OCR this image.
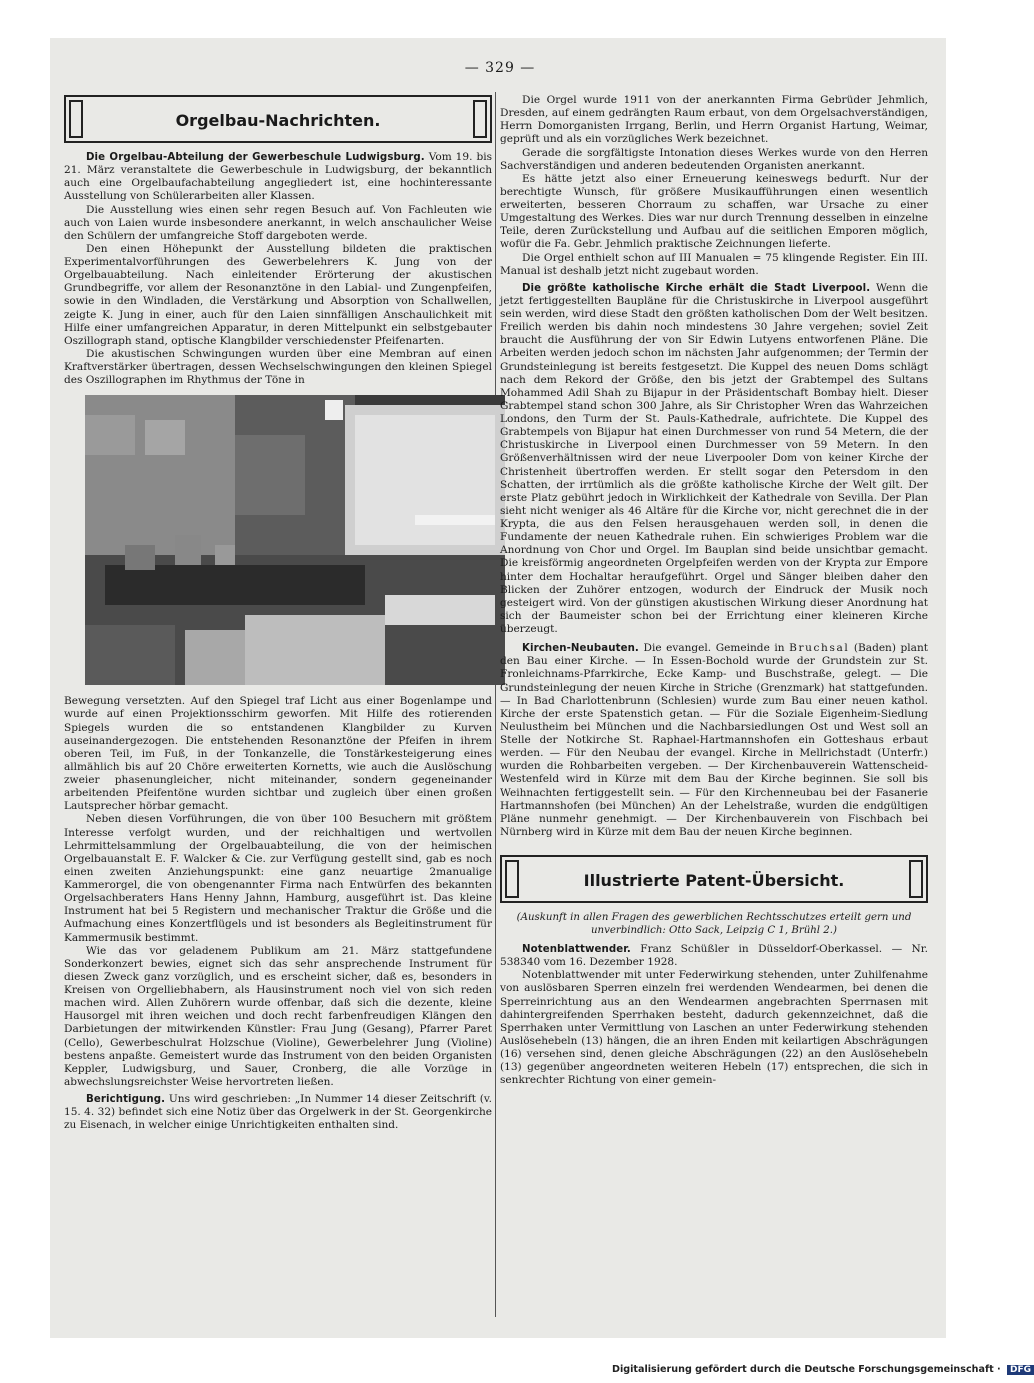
— 329 —
Orgelbau-Nachrichten.

Die Orgelbau-Abteilung der Gewerbeschule Ludwigsburg. Vom 19. bis 21. März veranstaltete die Gewerbeschule in Ludwigsburg, der bekanntlich auch eine Orgelbaufachabteilung angegliedert ist, eine hochinteressante Ausstellung von Schülerarbeiten aller Klassen.

Die Ausstellung wies einen sehr regen Besuch auf. Von Fachleuten wie auch von Laien wurde insbesondere anerkannt, in welch anschaulicher Weise den Schülern der umfangreiche Stoff dargeboten werde.

Den einen Höhepunkt der Ausstellung bildeten die praktischen Experimentalvorführungen des Gewerbelehrers K. Jung von der Orgelbauabteilung. Nach einleitender Erörterung der akustischen Grundbegriffe, vor allem der Resonanztöne in den Labial- und Zungenpfeifen, sowie in den Windladen, die Verstärkung und Absorption von Schallwellen, zeigte K. Jung in einer, auch für den Laien sinnfälligen Anschaulichkeit mit Hilfe einer umfangreichen Apparatur, in deren Mittelpunkt ein selbstgebauter Oszillograph stand, optische Klangbilder verschiedenster Pfeifenarten.

Die akustischen Schwingungen wurden über eine Membran auf einen Kraftverstärker übertragen, dessen Wechselschwingungen den kleinen Spiegel des Oszillographen im Rhythmus der Töne in

Bewegung versetzten. Auf den Spiegel traf Licht aus einer Bogenlampe und wurde auf einen Projektionsschirm geworfen. Mit Hilfe des rotierenden Spiegels wurden die so entstandenen Klangbilder zu Kurven auseinandergezogen. Die entstehenden Resonanztöne der Pfeifen in ihrem oberen Teil, im Fuß, in der Tonkanzelle, die Tonstärkesteigerung eines allmählich bis auf 20 Chöre erweiterten Kornetts, wie auch die Auslöschung zweier phasenungleicher, nicht miteinander, sondern gegeneinander arbeitenden Pfeifentöne wurden sichtbar und zugleich über einen großen Lautsprecher hörbar gemacht.

Neben diesen Vorführungen, die von über 100 Besuchern mit größtem Interesse verfolgt wurden, und der reichhaltigen und wertvollen Lehrmittelsammlung der Orgelbauabteilung, die von der heimischen Orgelbauanstalt E. F. Walcker & Cie. zur Verfügung gestellt sind, gab es noch einen zweiten Anziehungspunkt: eine ganz neuartige 2manualige Kammerorgel, die von obengenannter Firma nach Entwürfen des bekannten Orgelsachberaters Hans Henny Jahnn, Hamburg, ausgeführt ist. Das kleine Instrument hat bei 5 Registern und mechanischer Traktur die Größe und die Aufmachung eines Konzertflügels und ist besonders als Begleitinstrument für Kammermusik bestimmt.

Wie das vor geladenem Publikum am 21. März stattgefundene Sonderkonzert bewies, eignet sich das sehr ansprechende Instrument für diesen Zweck ganz vorzüglich, und es erscheint sicher, daß es, besonders in Kreisen von Orgelliebhabern, als Hausinstrument noch viel von sich reden machen wird. Allen Zuhörern wurde offenbar, daß sich die dezente, kleine Hausorgel mit ihren weichen und doch recht farbenfreudigen Klängen den Darbietungen der mitwirkenden Künstler: Frau Jung (Gesang), Pfarrer Paret (Cello), Gewerbeschulrat Holzschue (Violine), Gewerbelehrer Jung (Violine) bestens anpaßte. Gemeistert wurde das Instrument von den beiden Organisten Keppler, Ludwigsburg, und Sauer, Cronberg, die alle Vorzüge in abwechslungsreichster Weise hervortreten ließen.

Berichtigung. Uns wird geschrieben: „In Nummer 14 dieser Zeitschrift (v. 15. 4. 32) befindet sich eine Notiz über das Orgelwerk in der St. Georgenkirche zu Eisenach, in welcher einige Unrichtigkeiten enthalten sind.

Die Orgel wurde 1911 von der anerkannten Firma Gebrüder Jehmlich, Dresden, auf einem gedrängten Raum erbaut, von dem Orgelsachverständigen, Herrn Domorganisten Irrgang, Berlin, und Herrn Organist Hartung, Weimar, geprüft und als ein vorzügliches Werk bezeichnet.

Gerade die sorgfältigste Intonation dieses Werkes wurde von den Herren Sachverständigen und anderen bedeutenden Organisten anerkannt.

Es hätte jetzt also einer Erneuerung keineswegs bedurft. Nur der berechtigte Wunsch, für größere Musikaufführungen einen wesentlich erweiterten, besseren Chorraum zu schaffen, war Ursache zu einer Umgestaltung des Werkes. Dies war nur durch Trennung desselben in einzelne Teile, deren Zurückstellung und Aufbau auf die seitlichen Emporen möglich, wofür die Fa. Gebr. Jehmlich praktische Zeichnungen lieferte.

Die Orgel enthielt schon auf III Manualen = 75 klingende Register. Ein III. Manual ist deshalb jetzt nicht zugebaut worden.

Die größte katholische Kirche erhält die Stadt Liverpool. Wenn die jetzt fertiggestellten Baupläne für die Christuskirche in Liverpool ausgeführt sein werden, wird diese Stadt den größten katholischen Dom der Welt besitzen. Freilich werden bis dahin noch mindestens 30 Jahre vergehen; soviel Zeit braucht die Ausführung der von Sir Edwin Lutyens entworfenen Pläne. Die Arbeiten werden jedoch schon im nächsten Jahr aufgenommen; der Termin der Grundsteinlegung ist bereits festgesetzt. Die Kuppel des neuen Doms schlägt nach dem Rekord der Größe, den bis jetzt der Grabtempel des Sultans Mohammed Adil Shah zu Bijapur in der Präsidentschaft Bombay hielt. Dieser Grabtempel stand schon 300 Jahre, als Sir Christopher Wren das Wahrzeichen Londons, den Turm der St. Pauls-Kathedrale, aufrichtete. Die Kuppel des Grabtempels von Bijapur hat einen Durchmesser von rund 54 Metern, die der Christuskirche in Liverpool einen Durchmesser von 59 Metern. In den Größenverhältnissen wird der neue Liverpooler Dom von keiner Kirche der Christenheit übertroffen werden. Er stellt sogar den Petersdom in den Schatten, der irrtümlich als die größte katholische Kirche der Welt gilt. Der erste Platz gebührt jedoch in Wirklichkeit der Kathedrale von Sevilla. Der Plan sieht nicht weniger als 46 Altäre für die Kirche vor, nicht gerechnet die in der Krypta, die aus den Felsen herausgehauen werden soll, in denen die Fundamente der neuen Kathedrale ruhen. Ein schwieriges Problem war die Anordnung von Chor und Orgel. Im Bauplan sind beide unsichtbar gemacht. Die kreisförmig angeordneten Orgelpfeifen werden von der Krypta zur Empore hinter dem Hochaltar heraufgeführt. Orgel und Sänger bleiben daher den Blicken der Zuhörer entzogen, wodurch der Eindruck der Musik noch gesteigert wird. Von der günstigen akustischen Wirkung dieser Anordnung hat sich der Baumeister schon bei der Errichtung einer kleineren Kirche überzeugt.

Kirchen-Neubauten. Die evangel. Gemeinde in Bruchsal (Baden) plant den Bau einer Kirche. — In Essen-Bochold wurde der Grundstein zur St. Fronleichnams-Pfarrkirche, Ecke Kamp- und Buschstraße, gelegt. — Die Grundsteinlegung der neuen Kirche in Striche (Grenzmark) hat stattgefunden. — In Bad Charlottenbrunn (Schlesien) wurde zum Bau einer neuen kathol. Kirche der erste Spatenstich getan. — Für die Soziale Eigenheim-Siedlung Neulustheim bei München und die Nachbarsiedlungen Ost und West soll an Stelle der Notkirche St. Raphael-Hartmannshofen ein Gotteshaus erbaut werden. — Für den Neubau der evangel. Kirche in Mellrichstadt (Unterfr.) wurden die Rohbarbeiten vergeben. — Der Kirchenbauverein Wattenscheid-Westenfeld wird in Kürze mit dem Bau der Kirche beginnen. Sie soll bis Weihnachten fertiggestellt sein. — Für den Kirchenneubau bei der Fasanerie Hartmannshofen (bei München) An der Lehelstraße, wurden die endgültigen Pläne nunmehr genehmigt. — Der Kirchenbauverein von Fischbach bei Nürnberg wird in Kürze mit dem Bau der neuen Kirche beginnen.

Illustrierte Patent-Übersicht.

(Auskunft in allen Fragen des gewerblichen Rechtsschutzes erteilt gern und unverbindlich: Otto Sack, Leipzig C 1, Brühl 2.)

Notenblattwender. Franz Schüßler in Düsseldorf-Oberkassel. — Nr. 538340 vom 16. Dezember 1928.

Notenblattwender mit unter Federwirkung stehenden, unter Zuhilfenahme von auslösbaren Sperren einzeln frei werdenden Wendearmen, bei denen die Sperreinrichtung aus an den Wendearmen angebrachten Sperrnasen mit dahintergreifenden Sperrhaken besteht, dadurch gekennzeichnet, daß die Sperrhaken unter Vermittlung von Laschen an unter Federwirkung stehenden Auslösehebeln (13) hängen, die an ihren Enden mit keilartigen Abschrägungen (16) versehen sind, denen gleiche Abschrägungen (22) an den Auslösehebeln (13) gegenüber angeordneten weiteren Hebeln (17) entsprechen, die sich in senkrechter Richtung von einer gemein-

Digitalisierung gefördert durch die Deutsche Forschungsgemeinschaft · DFG
